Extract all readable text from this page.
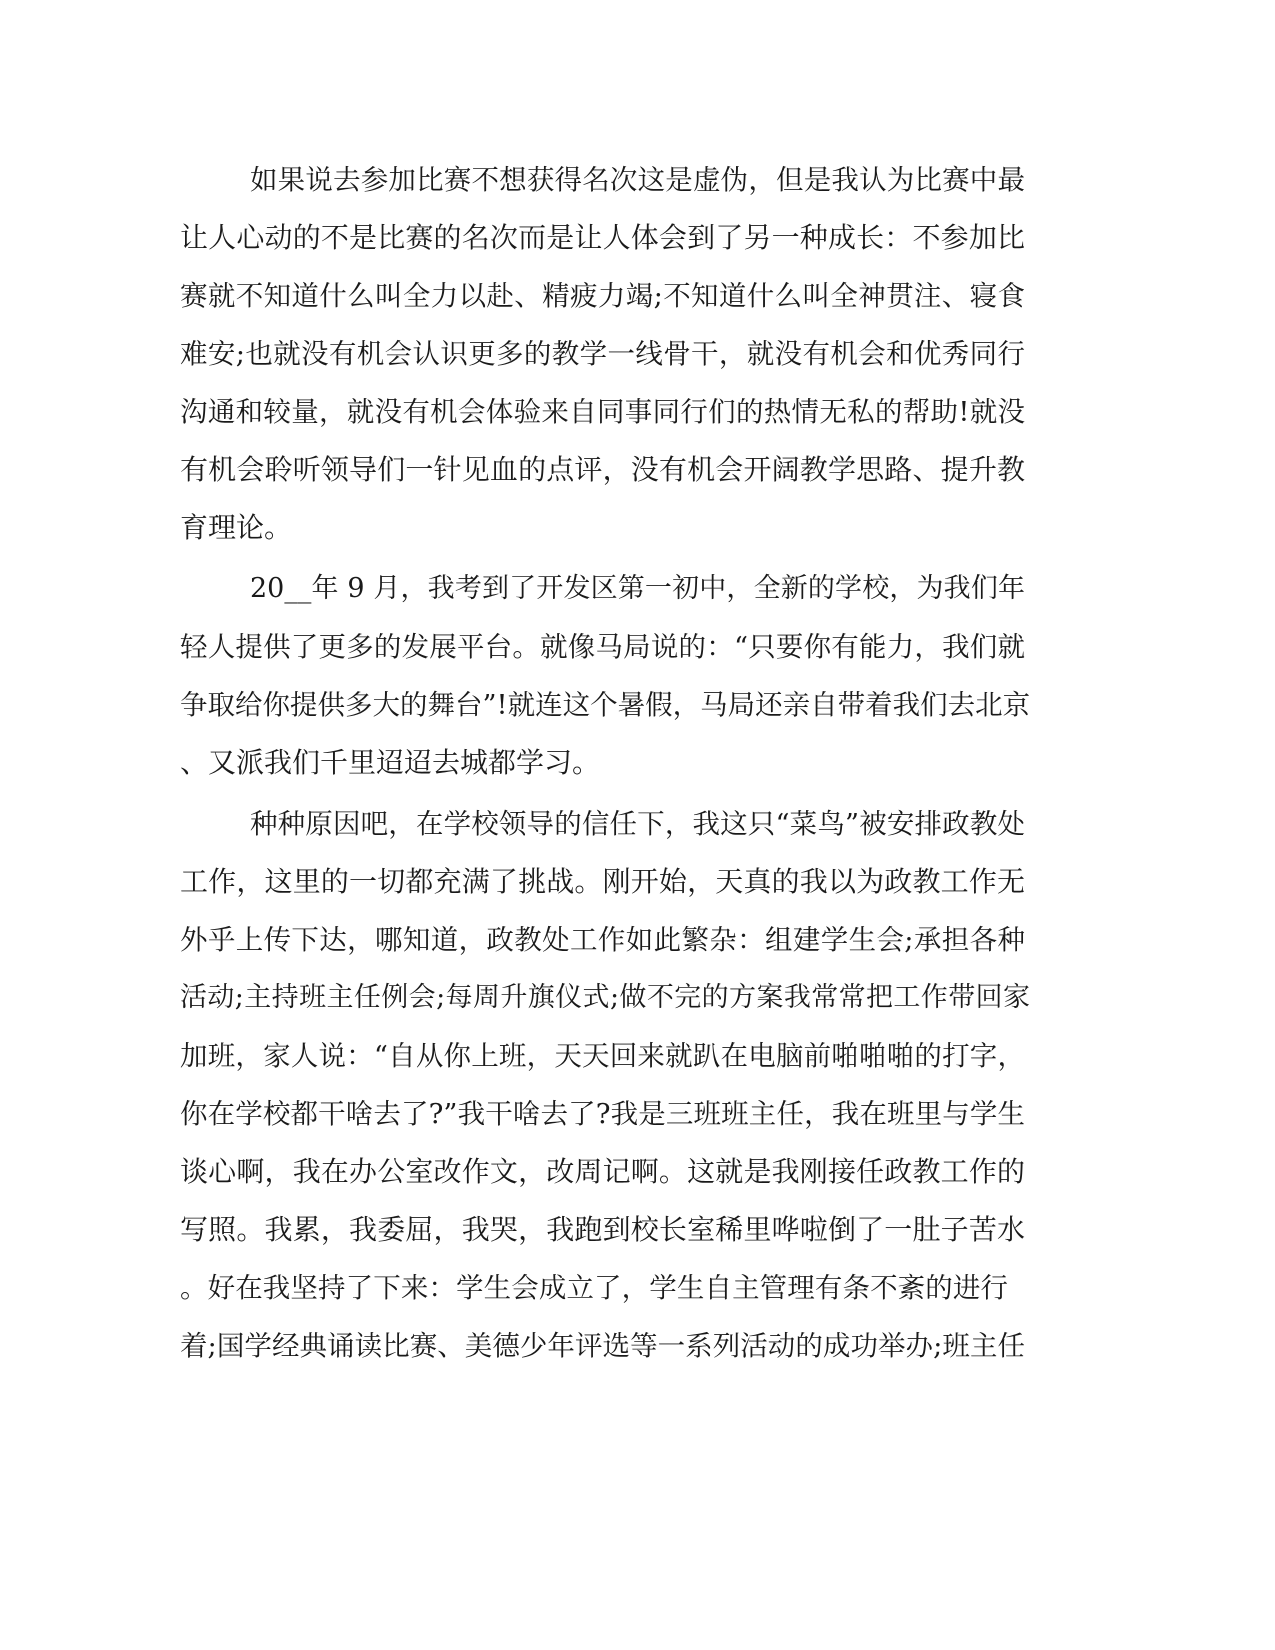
如果说去参加比赛不想获得名次这是虚伪，但是我认为比赛中最
让人心动的不是比赛的名次而是让人体会到了另一种成长：不参加比
赛就不知道什么叫全力以赴、精疲力竭;不知道什么叫全神贯注、寝食
难安;也就没有机会认识更多的教学一线骨干，就没有机会和优秀同行
沟通和较量，就没有机会体验来自同事同行们的热情无私的帮助!就没
有机会聆听领导们一针见血的点评，没有机会开阔教学思路、提升教
育理论。
20__年 9 月，我考到了开发区第一初中，全新的学校，为我们年
轻人提供了更多的发展平台。就像马局说的：“只要你有能力，我们就
争取给你提供多大的舞台”!就连这个暑假，马局还亲自带着我们去北京
、又派我们千里迢迢去城都学习。
种种原因吧，在学校领导的信任下，我这只“菜鸟”被安排政教处
工作，这里的一切都充满了挑战。刚开始，天真的我以为政教工作无
外乎上传下达，哪知道，政教处工作如此繁杂：组建学生会;承担各种
活动;主持班主任例会;每周升旗仪式;做不完的方案我常常把工作带回家
加班，家人说：“自从你上班，天天回来就趴在电脑前啪啪啪的打字，
你在学校都干啥去了?”我干啥去了?我是三班班主任，我在班里与学生
谈心啊，我在办公室改作文，改周记啊。这就是我刚接任政教工作的
写照。我累，我委屈，我哭，我跑到校长室稀里哗啦倒了一肚子苦水
。好在我坚持了下来：学生会成立了，学生自主管理有条不紊的进行
着;国学经典诵读比赛、美德少年评选等一系列活动的成功举办;班主任
